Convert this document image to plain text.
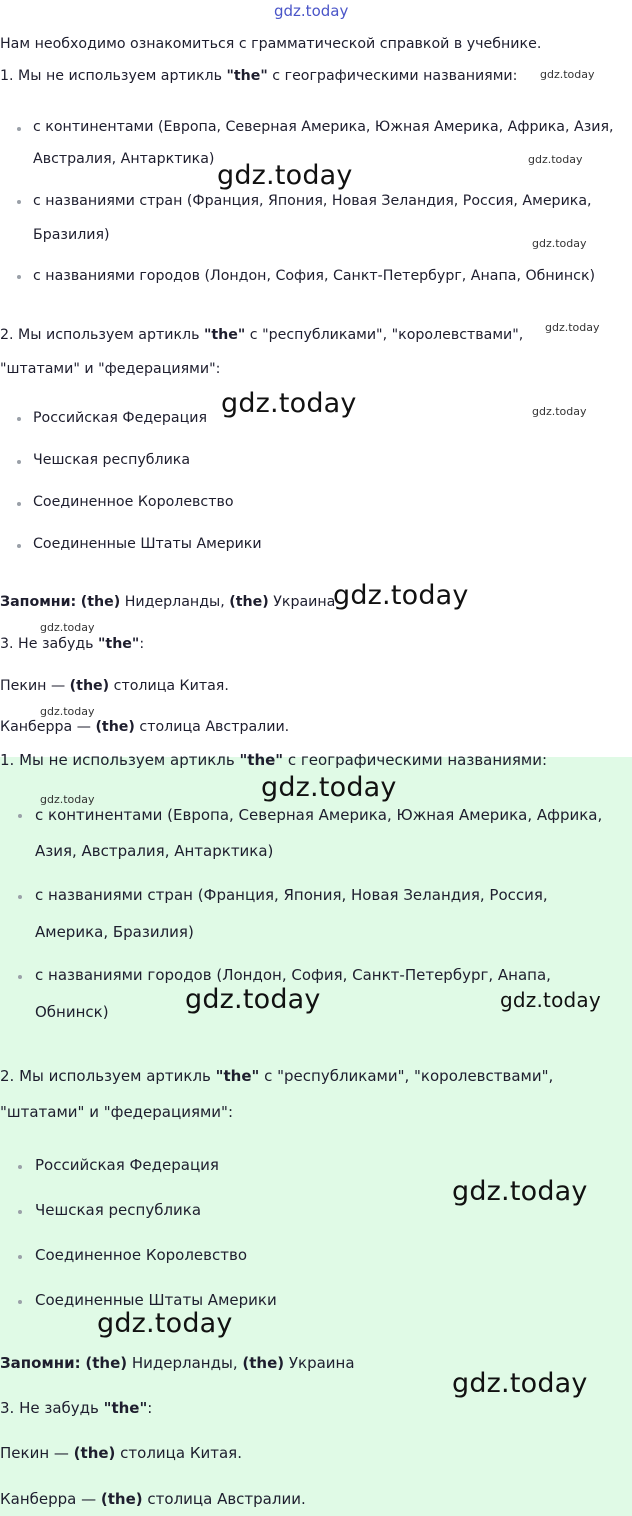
gdz.today
Нам необходимо ознакомиться с грамматической справкой в учебнике.
1. Мы не используем артикль "the" с географическими названиями:
с континентами (Европа, Северная Америка, Южная Америка, Африка, Азия,
Австралия, Антарктика)
с названиями стран (Франция, Япония, Новая Зеландия, Россия, Америка,
Бразилия)
с названиями городов (Лондон, София, Санкт-Петербург, Анапа, Обнинск)
2. Мы используем артикль "the" с "республиками", "королевствами",
"штатами" и "федерациями":
Российская Федерация
Чешская республика
Соединенное Королевство
Соединенные Штаты Америки
Запомни: (the) Нидерланды, (the) Украина
3. Не забудь "the":
Пекин — (the) столица Китая.
Канберра — (the) столица Австралии.
gdz.today
gdz.today
gdz.today
gdz.today
gdz.today
gdz.today	gdz.today
gdz.today
gdz.today
gdz.today
1. Мы не используем артикль "the" с географическими названиями:
с континентами (Европа, Северная Америка, Южная Америка, Африка,
Азия, Австралия, Антарктика)
с названиями стран (Франция, Япония, Новая Зеландия, Россия,
Америка, Бразилия)
с названиями городов (Лондон, София, Санкт-Петербург, Анапа,
Обнинск)
2. Мы используем артикль "the" с "республиками", "королевствами",
"штатами" и "федерациями":
Российская Федерация
Чешская республика
Соединенное Королевство
Соединенные Штаты Америки
Запомни: (the) Нидерланды, (the) Украина
3. Не забудь "the":
Пекин — (the) столица Китая.
Канберра — (the) столица Австралии.
gdz.today
gdz.today
gdz.today	gdz.today
gdz.today
gdz.today
gdz.today
